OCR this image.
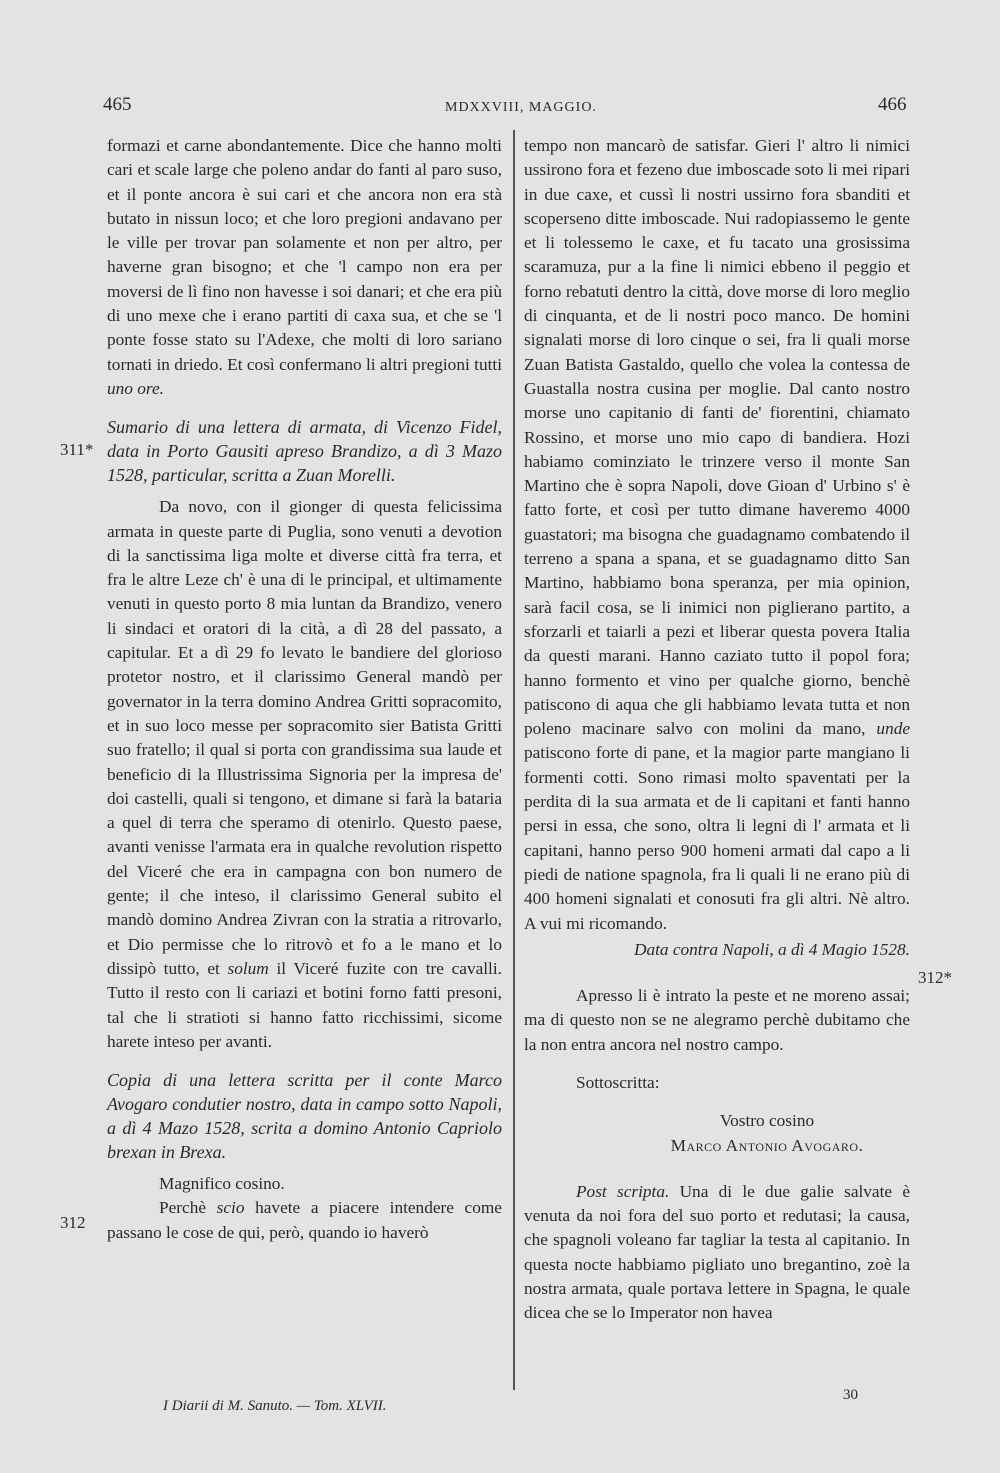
465	MDXXVIII, MAGGIO.	466
311*
312
312*

formazi et carne abondantemente. Dice che hanno molti cari et scale large che poleno andar do fanti al paro suso, et il ponte ancora è sui cari et che ancora non era stà butato in nissun loco; et che loro pregioni andavano per le ville per trovar pan solamente et non per altro, per haverne gran bisogno; et che 'l campo non era per moversi de lì fino non havesse i soi danari; et che era più di uno mexe che i erano partiti di caxa sua, et che se 'l ponte fosse stato su l'Adexe, che molti di loro sariano tornati in driedo. Et così confermano li altri pregioni tutti uno ore.

Sumario di una lettera di armata, di Vicenzo Fidel, data in Porto Gausiti apreso Brandizo, a dì 3 Mazo 1528, particular, scritta a Zuan Morelli.

Da novo, con il gionger di questa felicissima armata in queste parte di Puglia, sono venuti a devotion di la sanctissima liga molte et diverse città fra terra, et fra le altre Leze ch' è una di le principal, et ultimamente venuti in questo porto 8 mia luntan da Brandizo, venero li sindaci et oratori di la cità, a dì 28 del passato, a capitular. Et a dì 29 fo levato le bandiere del glorioso protetor nostro, et il clarissimo General mandò per governator in la terra domino Andrea Gritti sopracomito, et in suo loco messe per sopracomito sier Batista Gritti suo fratello; il qual si porta con grandissima sua laude et beneficio di la Illustrissima Signoria per la impresa de' doi castelli, quali si tengono, et dimane si farà la bataria a quel di terra che speramo di otenirlo. Questo paese, avanti venisse l'armata era in qualche revolution rispetto del Viceré che era in campagna con bon numero de gente; il che inteso, il clarissimo General subito el mandò domino Andrea Zivran con la stratia a ritrovarlo, et Dio permisse che lo ritrovò et fo a le mano et lo dissipò tutto, et solum il Viceré fuzite con tre cavalli. Tutto il resto con li cariazi et botini forno fatti presoni, tal che li stratioti si hanno fatto ricchissimi, sicome harete inteso per avanti.

Copia di una lettera scritta per il conte Marco Avogaro condutier nostro, data in campo sotto Napoli, a dì 4 Mazo 1528, scrita a domino Antonio Capriolo brexan in Brexa.

Magnifico cosino.

Perchè scio havete a piacere intendere come passano le cose de qui, però, quando io haverò

tempo non mancarò de satisfar. Gieri l' altro li nimici ussirono fora et fezeno due imboscade soto li mei ripari in due caxe, et cussì li nostri ussirno fora sbanditi et scoperseno ditte imboscade. Nui radopiassemo le gente et li tolessemo le caxe, et fu tacato una grosissima scaramuza, pur a la fine li nimici ebbeno il peggio et forno rebatuti dentro la città, dove morse di loro meglio di cinquanta, et de li nostri poco manco. De homini signalati morse di loro cinque o sei, fra li quali morse Zuan Batista Gastaldo, quello che volea la contessa de Guastalla nostra cusina per moglie. Dal canto nostro morse uno capitanio di fanti de' fiorentini, chiamato Rossino, et morse uno mio capo di bandiera. Hozi habiamo cominziato le trinzere verso il monte San Martino che è sopra Napoli, dove Gioan d' Urbino s' è fatto forte, et così per tutto dimane haveremo 4000 guastatori; ma bisogna che guadagnamo combatendo il terreno a spana a spana, et se guadagnamo ditto San Martino, habbiamo bona speranza, per mia opinion, sarà facil cosa, se li inimici non piglierano partito, a sforzarli et taiarli a pezi et liberar questa povera Italia da questi marani. Hanno caziato tutto il popol fora; hanno formento et vino per qualche giorno, benchè patiscono di aqua che gli habbiamo levata tutta et non poleno macinare salvo con molini da mano, unde patiscono forte di pane, et la magior parte mangiano li formenti cotti. Sono rimasi molto spaventati per la perdita di la sua armata et de li capitani et fanti hanno persi in essa, che sono, oltra li legni di l' armata et li capitani, hanno perso 900 homeni armati dal capo a li piedi de natione spagnola, fra li quali li ne erano più di 400 homeni signalati et conosuti fra gli altri. Nè altro. A vui mi ricomando.

Data contra Napoli, a dì 4 Magio 1528.

Apresso li è intrato la peste et ne moreno assai; ma di questo non se ne alegramo perchè dubitamo che la non entra ancora nel nostro campo.

Sottoscritta:

Vostro cosino

Marco Antonio Avogaro.

Post scripta. Una di le due galie salvate è venuta da noi fora del suo porto et redutasi; la causa, che spagnoli voleano far tagliar la testa al capitanio. In questa nocte habbiamo pigliato uno bregantino, zoè la nostra armata, quale portava lettere in Spagna, le quale dicea che se lo Imperator non havea

I Diarii di M. Sanuto. — Tom. XLVII.
30
